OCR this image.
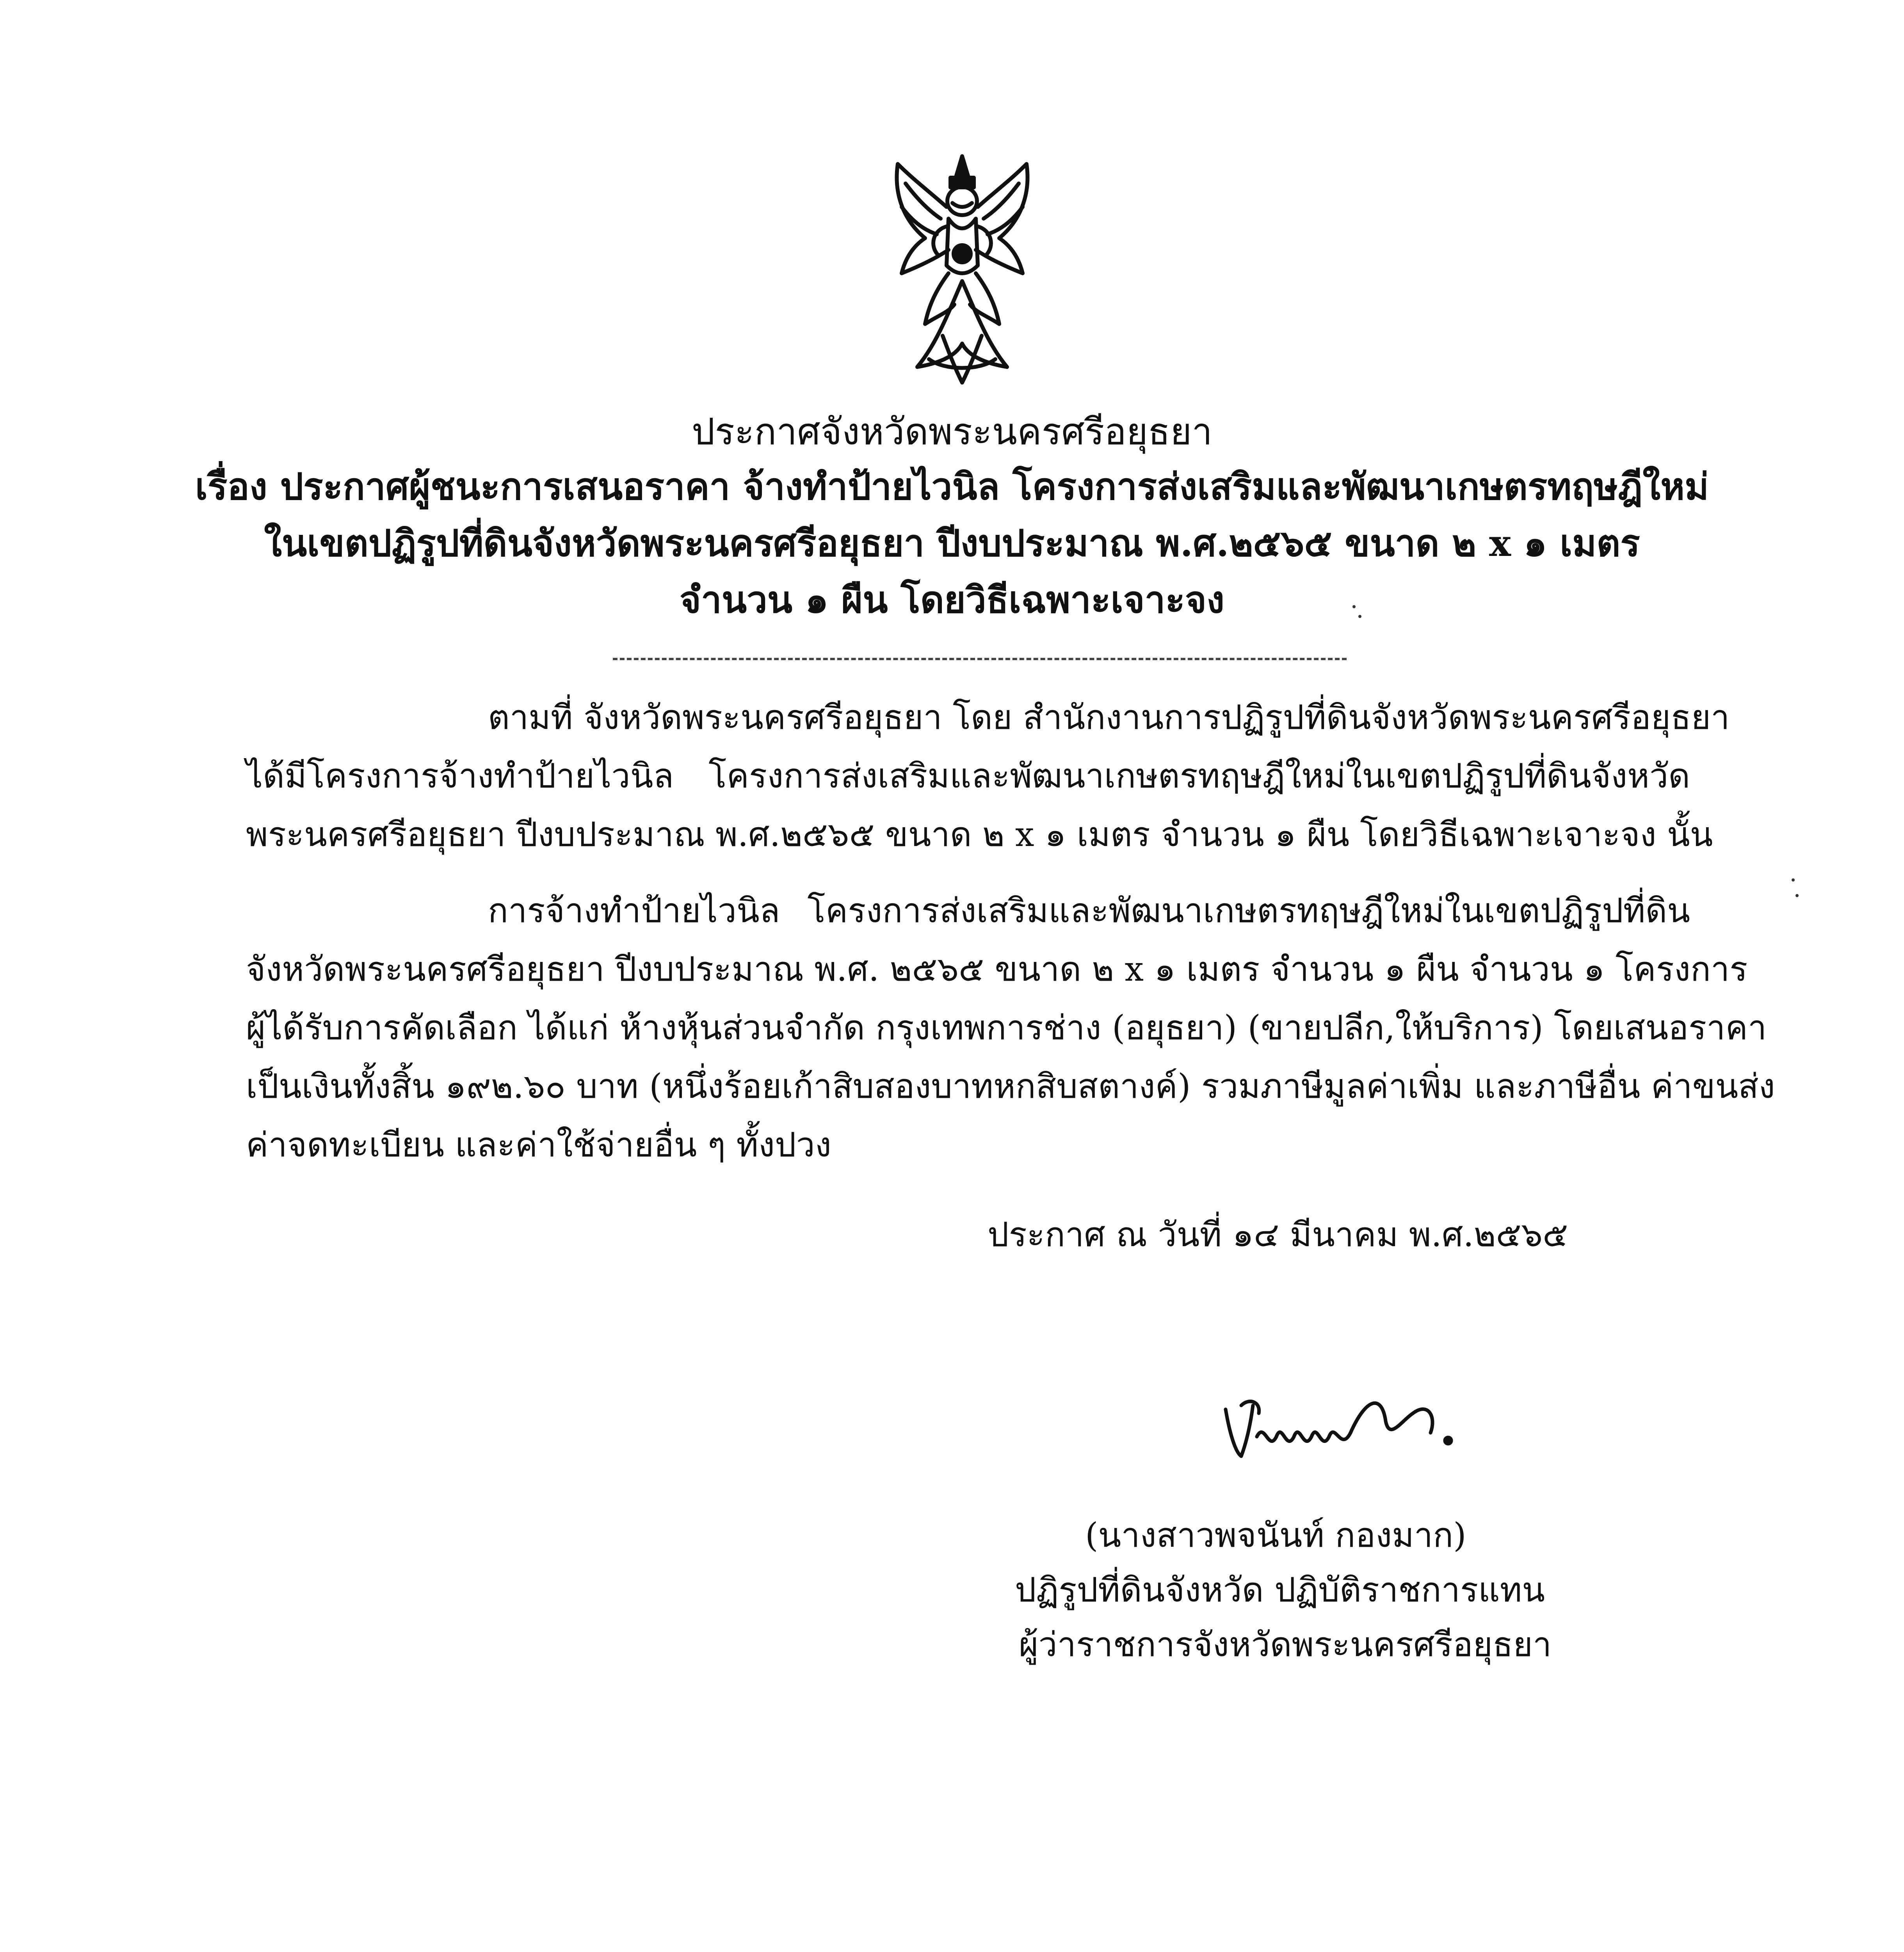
ประกาศจังหวัดพระนครศรีอยุธยา
เรื่อง ประกาศผู้ชนะการเสนอราคา จ้างทำป้ายไวนิล โครงการส่งเสริมและพัฒนาเกษตรทฤษฎีใหม่
ในเขตปฏิรูปที่ดินจังหวัดพระนครศรีอยุธยา ปีงบประมาณ พ.ศ.๒๕๖๕ ขนาด ๒ x ๑ เมตร
จำนวน ๑ ผืน โดยวิธีเฉพาะเจาะจง
ตามที่ จังหวัดพระนครศรีอยุธยา โดย สำนักงานการปฏิรูปที่ดินจังหวัดพระนครศรีอยุธยา
ได้มีโครงการจ้างทำป้ายไวนิล โครงการส่งเสริมและพัฒนาเกษตรทฤษฎีใหม่ในเขตปฏิรูปที่ดินจังหวัด
พระนครศรีอยุธยา ปีงบประมาณ พ.ศ.๒๕๖๕ ขนาด ๒ x ๑ เมตร จำนวน ๑ ผืน โดยวิธีเฉพาะเจาะจง นั้น
การจ้างทำป้ายไวนิล โครงการส่งเสริมและพัฒนาเกษตรทฤษฎีใหม่ในเขตปฏิรูปที่ดิน
จังหวัดพระนครศรีอยุธยา ปีงบประมาณ พ.ศ. ๒๕๖๕ ขนาด ๒ x ๑ เมตร จำนวน ๑ ผืน จำนวน ๑ โครงการ
ผู้ได้รับการคัดเลือก ได้แก่ ห้างหุ้นส่วนจำกัด กรุงเทพการช่าง (อยุธยา) (ขายปลีก,ให้บริการ) โดยเสนอราคา
เป็นเงินทั้งสิ้น ๑๙๒.๖๐ บาท (หนึ่งร้อยเก้าสิบสองบาทหกสิบสตางค์) รวมภาษีมูลค่าเพิ่ม และภาษีอื่น ค่าขนส่ง
ค่าจดทะเบียน และค่าใช้จ่ายอื่น ๆ ทั้งปวง
ประกาศ ณ วันที่ ๑๔ มีนาคม พ.ศ.๒๕๖๕
(นางสาวพจนันท์ กองมาก)
ปฏิรูปที่ดินจังหวัด ปฏิบัติราชการแทน
ผู้ว่าราชการจังหวัดพระนครศรีอยุธยา
